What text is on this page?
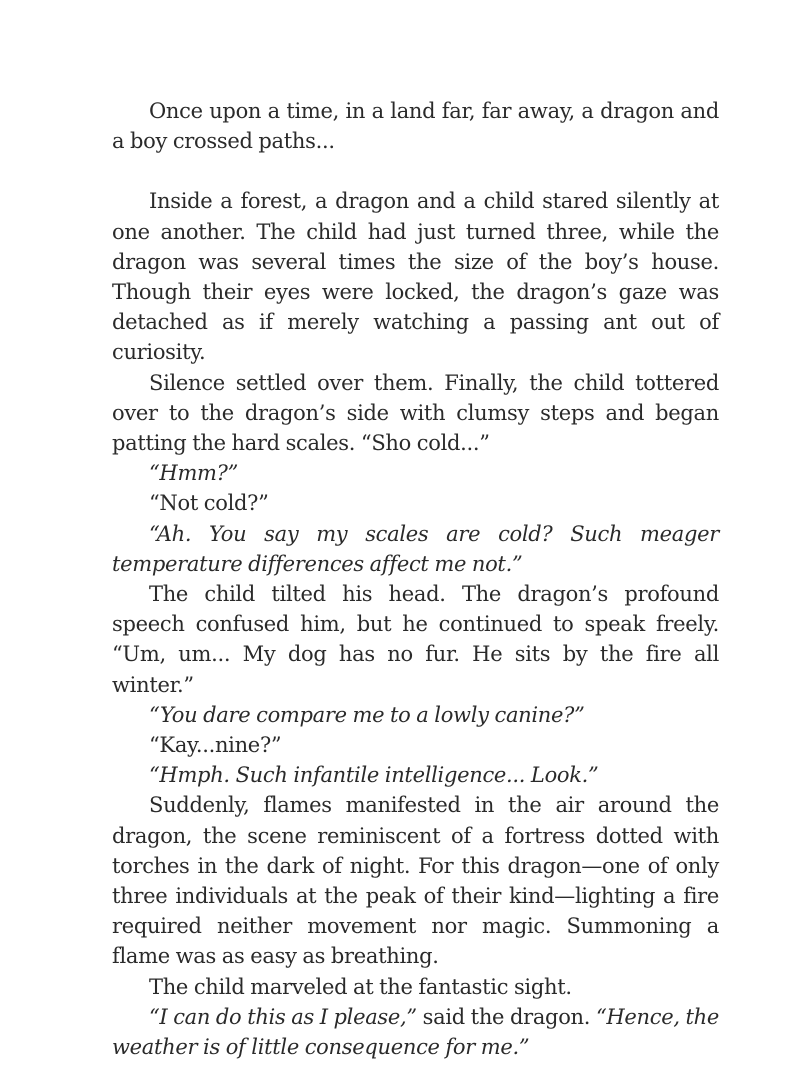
Once upon a time, in a land far, far away, a dragon and a boy crossed paths...

Inside a forest, a dragon and a child stared silently at one another. The child had just turned three, while the dragon was several times the size of the boy’s house. Though their eyes were locked, the dragon’s gaze was detached as if merely watching a passing ant out of curiosity.

Silence settled over them. Finally, the child tottered over to the dragon’s side with clumsy steps and began patting the hard scales. “Sho cold...”

“Hmm?”

“Not cold?”

“Ah. You say my scales are cold? Such meager temperature differences affect me not.”

The child tilted his head. The dragon’s profound speech confused him, but he continued to speak freely. “Um, um... My dog has no fur. He sits by the fire all winter.”

“You dare compare me to a lowly canine?”

“Kay...nine?”

“Hmph. Such infantile intelligence... Look.”

Suddenly, flames manifested in the air around the dragon, the scene reminiscent of a fortress dotted with torches in the dark of night. For this dragon—one of only three individuals at the peak of their kind—lighting a fire required neither movement nor magic. Summoning a flame was as easy as breathing.

The child marveled at the fantastic sight.

“I can do this as I please,” said the dragon. “Hence, the weather is of little consequence for me.”
